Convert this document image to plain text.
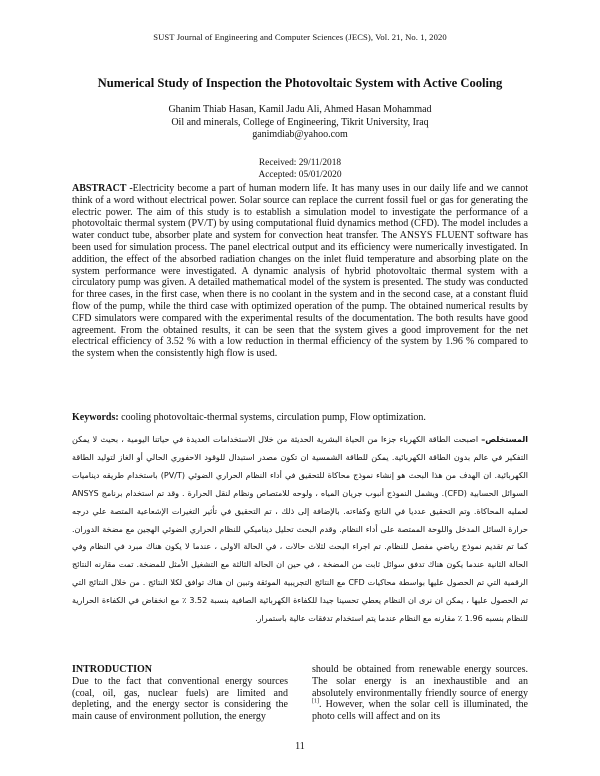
SUST Journal of Engineering and Computer Sciences (JECS), Vol. 21, No. 1, 2020
Numerical Study of Inspection the Photovoltaic System with Active Cooling
Ghanim Thiab Hasan, Kamil Jadu Ali, Ahmed Hasan Mohammad
Oil and minerals, College of Engineering, Tikrit University, Iraq
ganimdiab@yahoo.com
Received: 29/11/2018
Accepted: 05/01/2020

ABSTRACT -Electricity become a part of human modern life. It has many uses in our daily life and we cannot think of a word without electrical power. Solar source can replace the current fossil fuel or gas for generating the electric power. The aim of this study is to establish a simulation model to investigate the performance of a photovoltaic thermal system (PV/T) by using computational fluid dynamics method (CFD). The model includes a water conduct tube, absorber plate and system for convection heat transfer. The ANSYS FLUENT software has been used for simulation process. The panel electrical output and its efficiency were numerically investigated. In addition, the effect of the absorbed radiation changes on the inlet fluid temperature and absorbing plate on the system performance were investigated. A dynamic analysis of hybrid photovoltaic thermal system with a circulatory pump was given. A detailed mathematical model of the system is presented. The study was conducted for three cases, in the first case, when there is no coolant in the system and in the second case, at a constant fluid flow of the pump, while the third case with optimized operation of the pump. The obtained numerical results by CFD simulators were compared with the experimental results of the documentation. The both results have good agreement. From the obtained results, it can be seen that the system gives a good improvement for the net electrical efficiency of 3.52 % with a low reduction in thermal efficiency of the system by 1.96 % compared to the system when the consistently high flow is used.

Keywords: cooling photovoltaic-thermal systems, circulation pump, Flow optimization.

المستخلص– اصبحت الطاقة الكهرباء جزءا من الحياة البشرية الحديثة من خلال الاستخدامات العديدة في حياتنا اليومية ، بحيث لا يمكن التفكير في عالم بدون الطاقة الكهربائية. يمكن للطاقة الشمسية ان تكون مصدر استبدال للوقود الاحفوري الحالي أو الغاز لتوليد الطاقة الكهربائية. ان الهدف من هذا البحث هو إنشاء نموذج محاكاة للتحقيق في أداء النظام الحراري الضوئي (PV/T) باستخدام طريقه ديناميات السوائل الحسابية (CFD). ويشمل النموذج أنبوب جريان المياه ، ولوحه للامتصاص ونظام لنقل الحرارة . وقد تم استخدام برنامج ANSYS لعمليه المحاكاة. وتم التحقيق عدديا في الناتج وكفاءته. بالإضافة إلى ذلك ، تم التحقيق في تأثير التغيرات الإشعاعية المتصة علي درجه حرارة السائل المدخل واللوحة الممتصة على أداء النظام. وقدم البحث تحليل ديناميكي للنظام الحراري الضوئي الهجين مع مضخة الدوران. كما تم تقديم نموذج رياضي مفصل للنظام. تم اجراء البحث لثلاث حالات ، في الحالة الاولى ، عندما لا يكون هناك مبرد في النظام وفي الحالة الثانية عندما يكون هناك تدفق سوائل ثابت من المضخة ، في حين ان الحالة الثالثة مع التشغيل الأمثل للمضخة. تمت مقارنه النتائج الرقمية التي تم الحصول عليها بواسطة محاكيات CFD مع النتائج التجريبية الموثقة وتبين ان هناك توافق لكلا النتائج . من خلال النتائج التي تم الحصول عليها ، يمكن ان نرى ان النظام يعطي تحسينا جيدا للكفاءة الكهربائية الصافية بنسبة 3.52 ٪ مع انخفاض في الكفاءة الحرارية للنظام بنسبه 1.96 ٪ مقارنه مع النظام عندما يتم استخدام تدفقات عالية باستمرار.

INTRODUCTION
Due to the fact that conventional energy sources (coal, oil, gas, nuclear fuels) are limited and depleting, and the energy sector is considering the main cause of environment pollution, the energy
should be obtained from renewable energy sources. The solar energy is an inexhaustible and an absolutely environmentally friendly source of energy [1]. However, when the solar cell is illuminated, the photo cells will affect and on its
11
